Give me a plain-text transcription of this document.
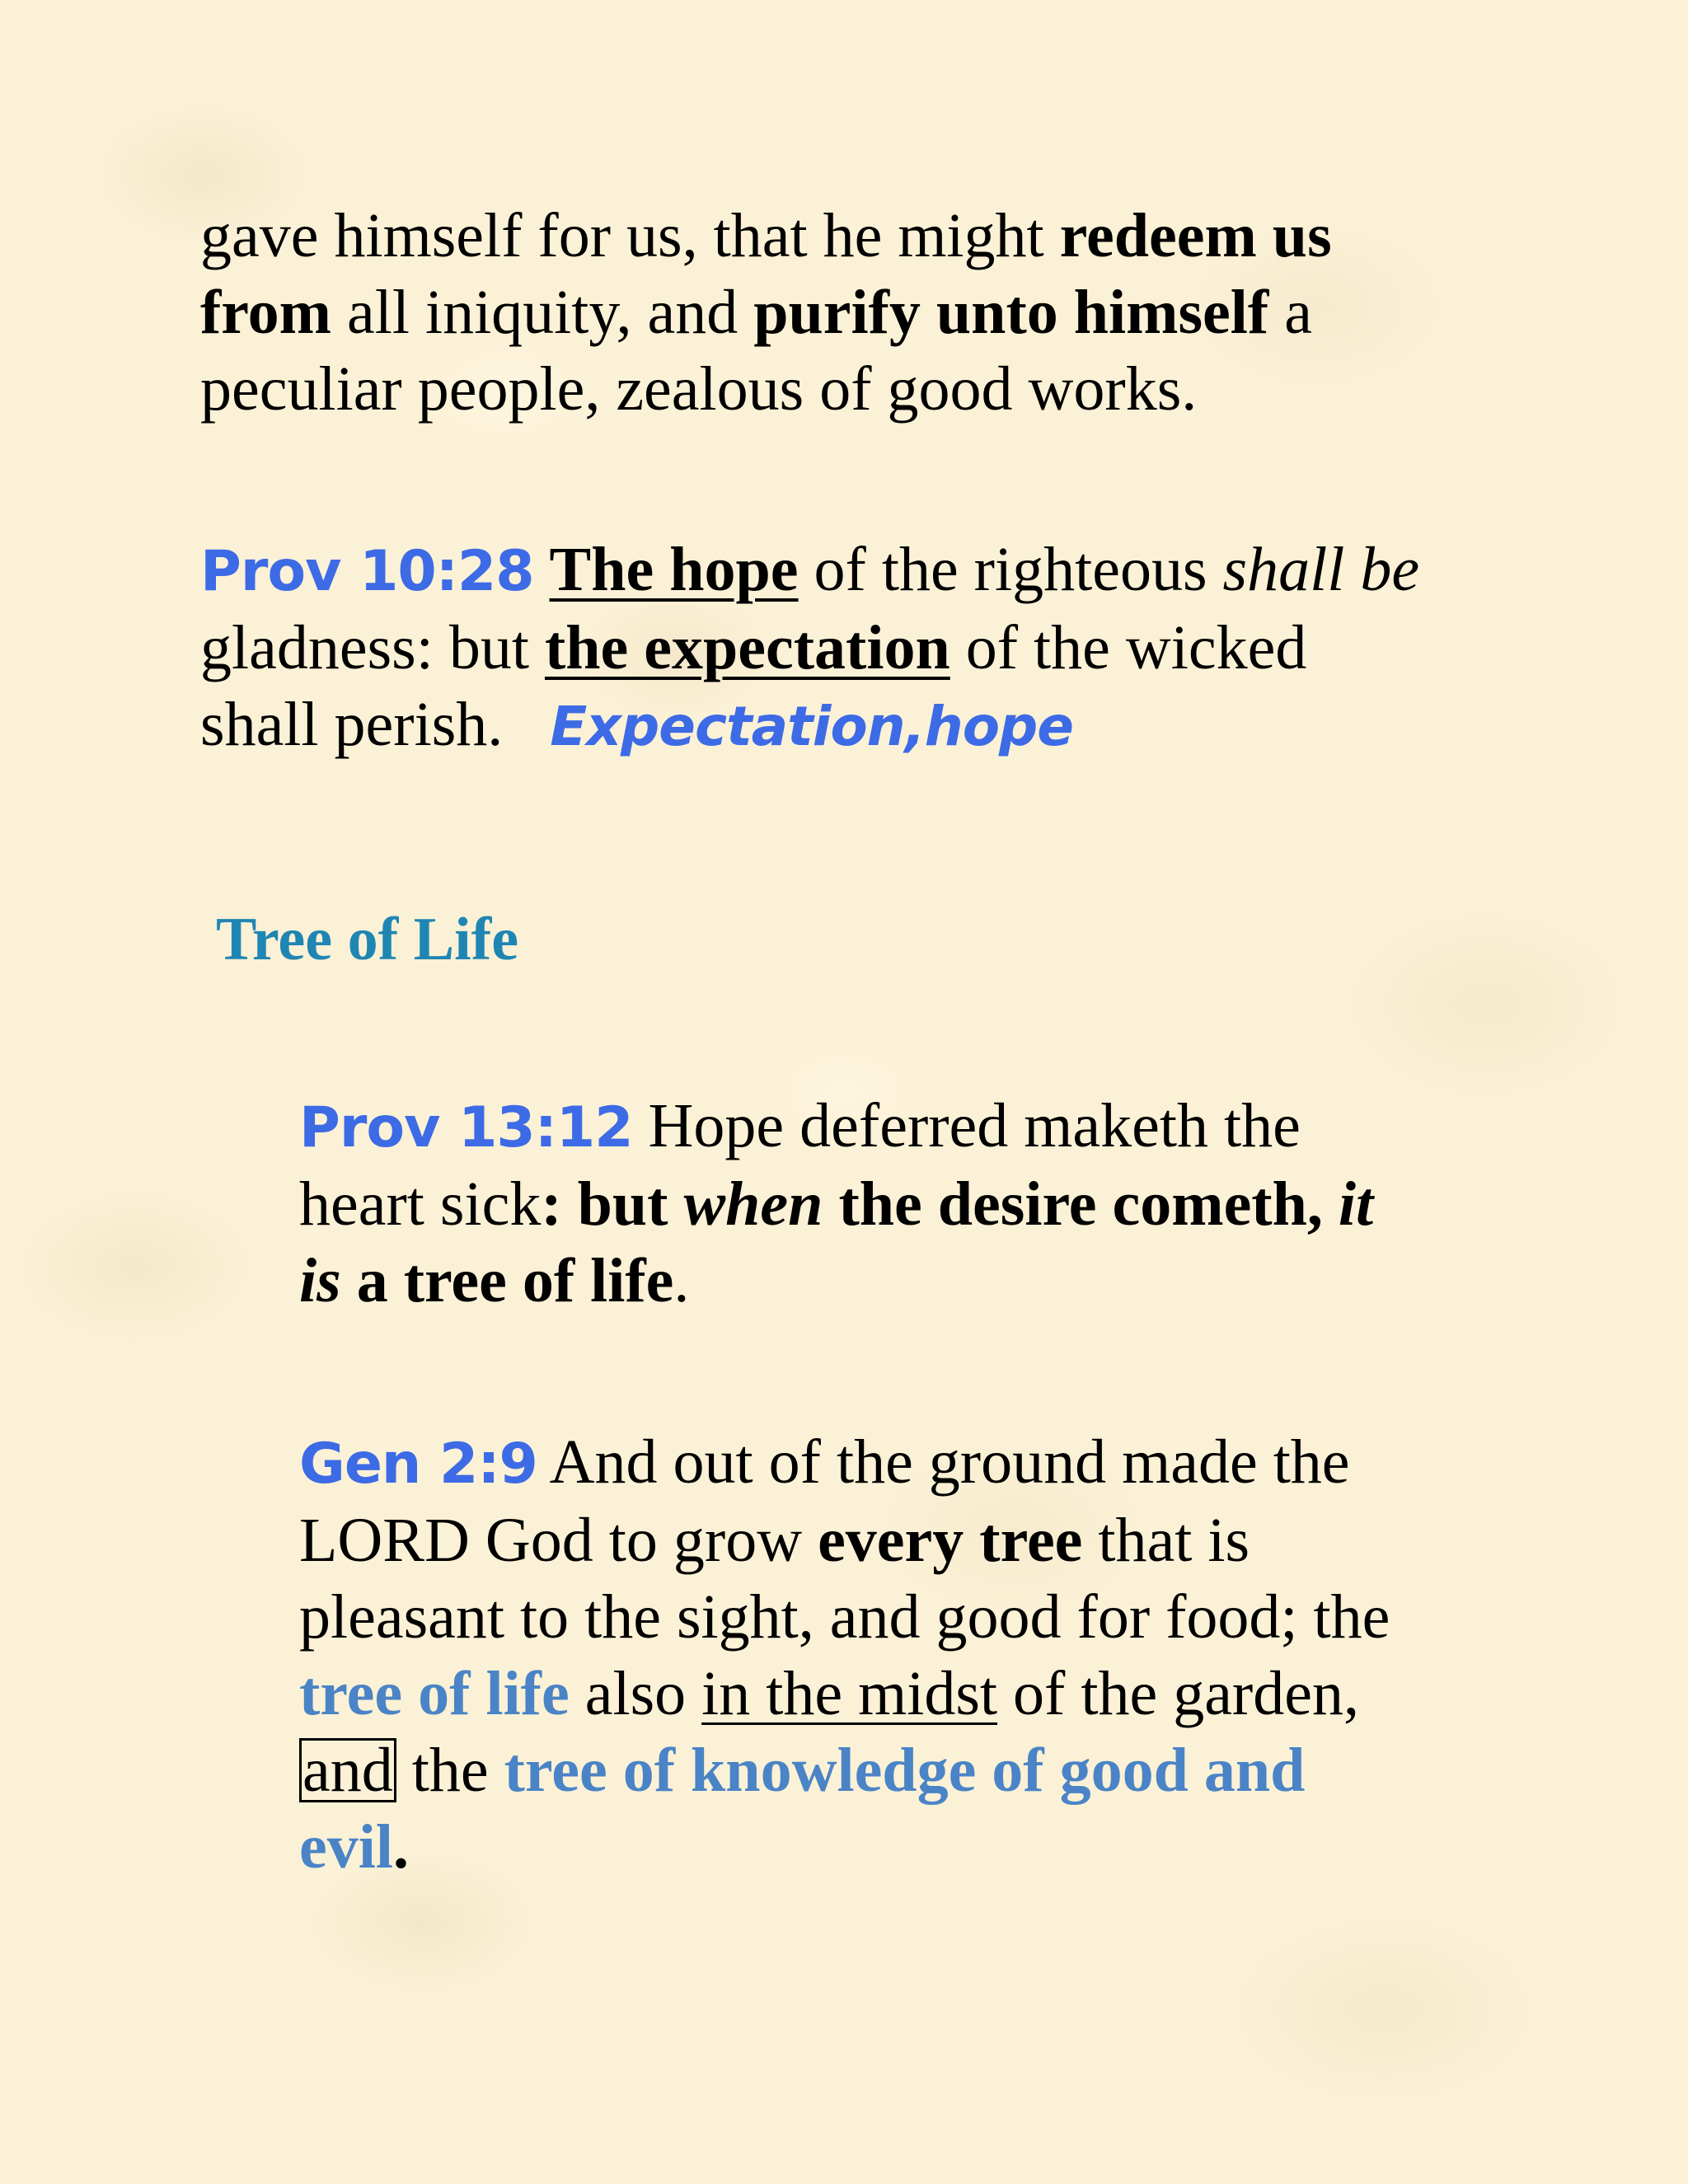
gave himself for us, that he might redeem us
from all iniquity, and purify unto himself a
peculiar people, zealous of good works.
Prov 10:28 The hope of the righteous shall be
gladness: but the expectation of the wicked
shall perish. Expectation,hope
Tree of Life
Prov 13:12 Hope deferred maketh the
heart sick: but when the desire cometh, it
is a tree of life.
Gen 2:9 And out of the ground made the
LORD God to grow every tree that is
pleasant to the sight, and good for food; the
tree of life also in the midst of the garden,
and the tree of knowledge of good and
evil.
